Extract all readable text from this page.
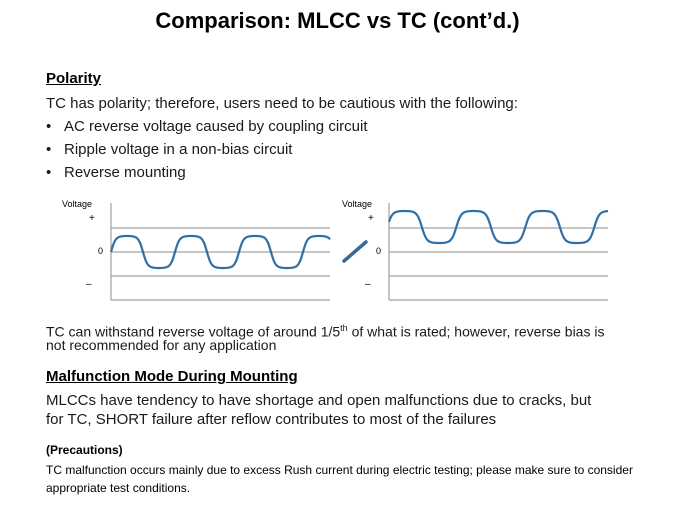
Comparison: MLCC vs TC (cont’d.)
Polarity
TC has polarity; therefore, users need to be cautious with the following:
• AC reverse voltage caused by coupling circuit
• Ripple voltage in a non-bias circuit
• Reverse mounting
Voltage
+
0
–
Voltage
+
0
–
TC can withstand reverse voltage of around 1/5th of what is rated; however, reverse bias is
not recommended for any application
Malfunction Mode During Mounting
MLCCs have tendency to have shortage and open malfunctions due to cracks, but
for TC, SHORT failure after reflow contributes to most of the failures
(Precautions)
TC malfunction occurs mainly due to excess Rush current during electric testing; please make sure to consider appropriate test conditions.
